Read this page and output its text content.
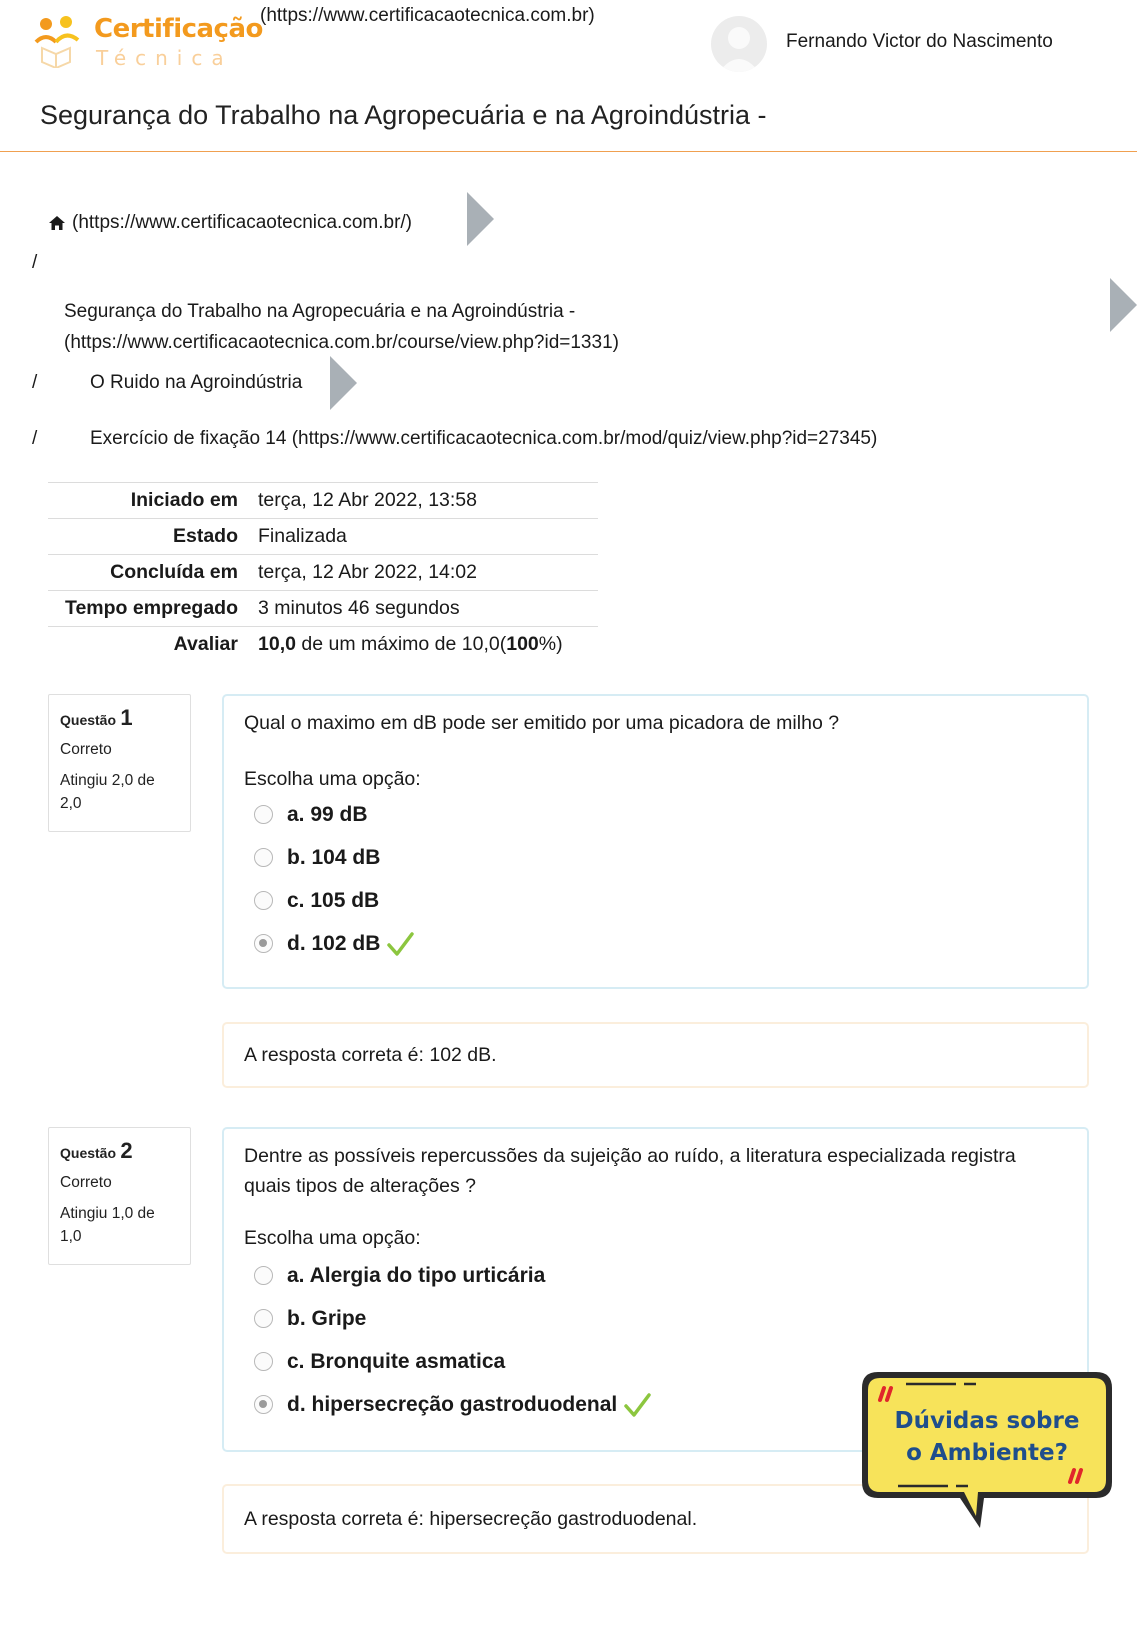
Certificação
Técnica
(https://www.certificacaotecnica.com.br)
Fernando Victor do Nascimento
Segurança do Trabalho na Agropecuária e na Agroindústria -
(https://www.certificacaotecnica.com.br/)
/
Segurança do Trabalho na Agropecuária e na Agroindústria -
(https://www.certificacaotecnica.com.br/course/view.php?id=1331)
/	O Ruido na Agroindústria
/	Exercício de fixação 14 (https://www.certificacaotecnica.com.br/mod/quiz/view.php?id=27345)
Iniciado em	terça, 12 Abr 2022, 13:58
Estado	Finalizada
Concluída em	terça, 12 Abr 2022, 14:02
Tempo empregado	3 minutos 46 segundos
Avaliar	10,0 de um máximo de 10,0(100%)
Questão 1
Correto
Atingiu 2,0 de 2,0
Qual o maximo em dB pode ser emitido por uma picadora de milho ?
Escolha uma opção:
a. 99 dB
b. 104 dB
c. 105 dB
d. 102 dB
A resposta correta é: 102 dB.
Questão 2
Correto
Atingiu 1,0 de 1,0
Dentre as possíveis repercussões da sujeição ao ruído, a literatura especializada registra quais tipos de alterações ?
Escolha uma opção:
a. Alergia do tipo urticária
b. Gripe
c. Bronquite asmatica
d. hipersecreção gastroduodenal
A resposta correta é: hipersecreção gastroduodenal.
Dúvidas sobre
o Ambiente?
